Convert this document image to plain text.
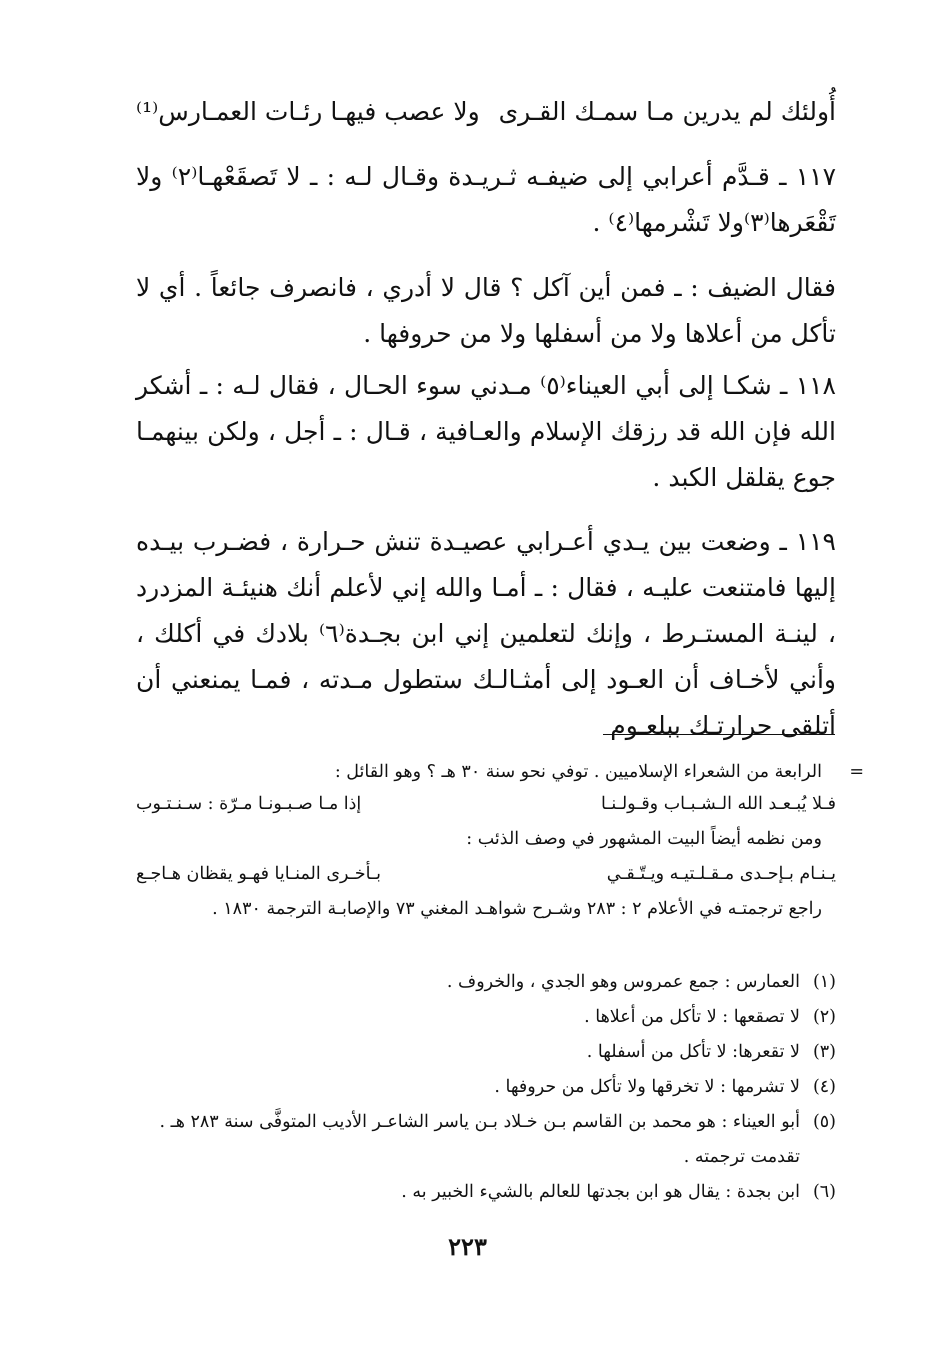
أُولئك لم يدرين مـا سمـك القـرى
ولا عصب فيهـا رئـات العمـارس⁽¹⁾

١١٧ ـ قـدَّم أعرابي إلى ضيفـه ثـريـدة وقـال لـه : ـ لا تَصقَعْهـا⁽٢⁾ ولا تَقْعَرها⁽٣⁾ولا تَشْرمها⁽٤⁾ .

فقال الضيف : ـ فمن أين آكل ؟ قال لا أدري ، فانصرف جائعاً . أي لا تأكل من أعلاها ولا من أسفلها ولا من حروفها .

١١٨ ـ شكـا إلى أبي العيناء⁽٥⁾ مـدني سوء الحـال ، فقال لـه : ـ أشكر الله فإن الله قد رزقك الإسلام والعـافية ، قـال : ـ أجل ، ولكن بينهمـا جوع يقلقل الكبد .

١١٩ ـ وضعت بين يـدي أعـرابي عصيـدة تنش حـرارة ، فضـرب بيـده إليها فامتنعت عليـه ، فقال : ـ أمـا والله إني لأعلم أنك هنيئـة المزدرد ، لينـة المستـرط ، وإنك لتعلمين إني ابن بجـدة⁽٦⁾ بلادك في أكلك ، وأني لأخـاف أن العـود إلى أمثـالـك ستطول مـدته ، فمـا يمنعني أن أتلقى حرارتـك ببلعـوم

=
الرابعة من الشعراء الإسلاميين . توفي نحو سنة ٣٠ هـ ؟ وهو القائل :
فـلا يُبـعـد الله الـشـبـاب وقـولـنـا
إذا مـا صـبـونـا مـرّة : سـنـتـوب
ومن نظمه أيضاً البيت المشهور في وصف الذئب :
يـنـام بـإحـدى مـقـلـتيـه ويـتّـقـي
بـأخـرى المنـايا فهـو يقظان هـاجـع
راجع ترجمتـه في الأعلام ٢ : ٢٨٣ وشـرح شواهـد المغني ٧٣ والإصابـة الترجمة ١٨٣٠ .
(١)
العمارس : جمع عمروس وهو الجدي ، والخروف .
(٢)
لا تصقعها : لا تأكل من أعلاها .
(٣)
لا تقعرها: لا تأكل من أسفلها .
(٤)
لا تشرمها : لا تخرقها ولا تأكل من حروفها .
(٥)
أبو العيناء : هو محمد بن القاسم بـن خـلاد بـن ياسر الشاعـر الأديب المتوفَّى سنة ٢٨٣ هـ . تقدمت ترجمته .
(٦)
ابن بجدة : يقال هو ابن بجدتها للعالم بالشيء الخبير به .
٢٢٣
